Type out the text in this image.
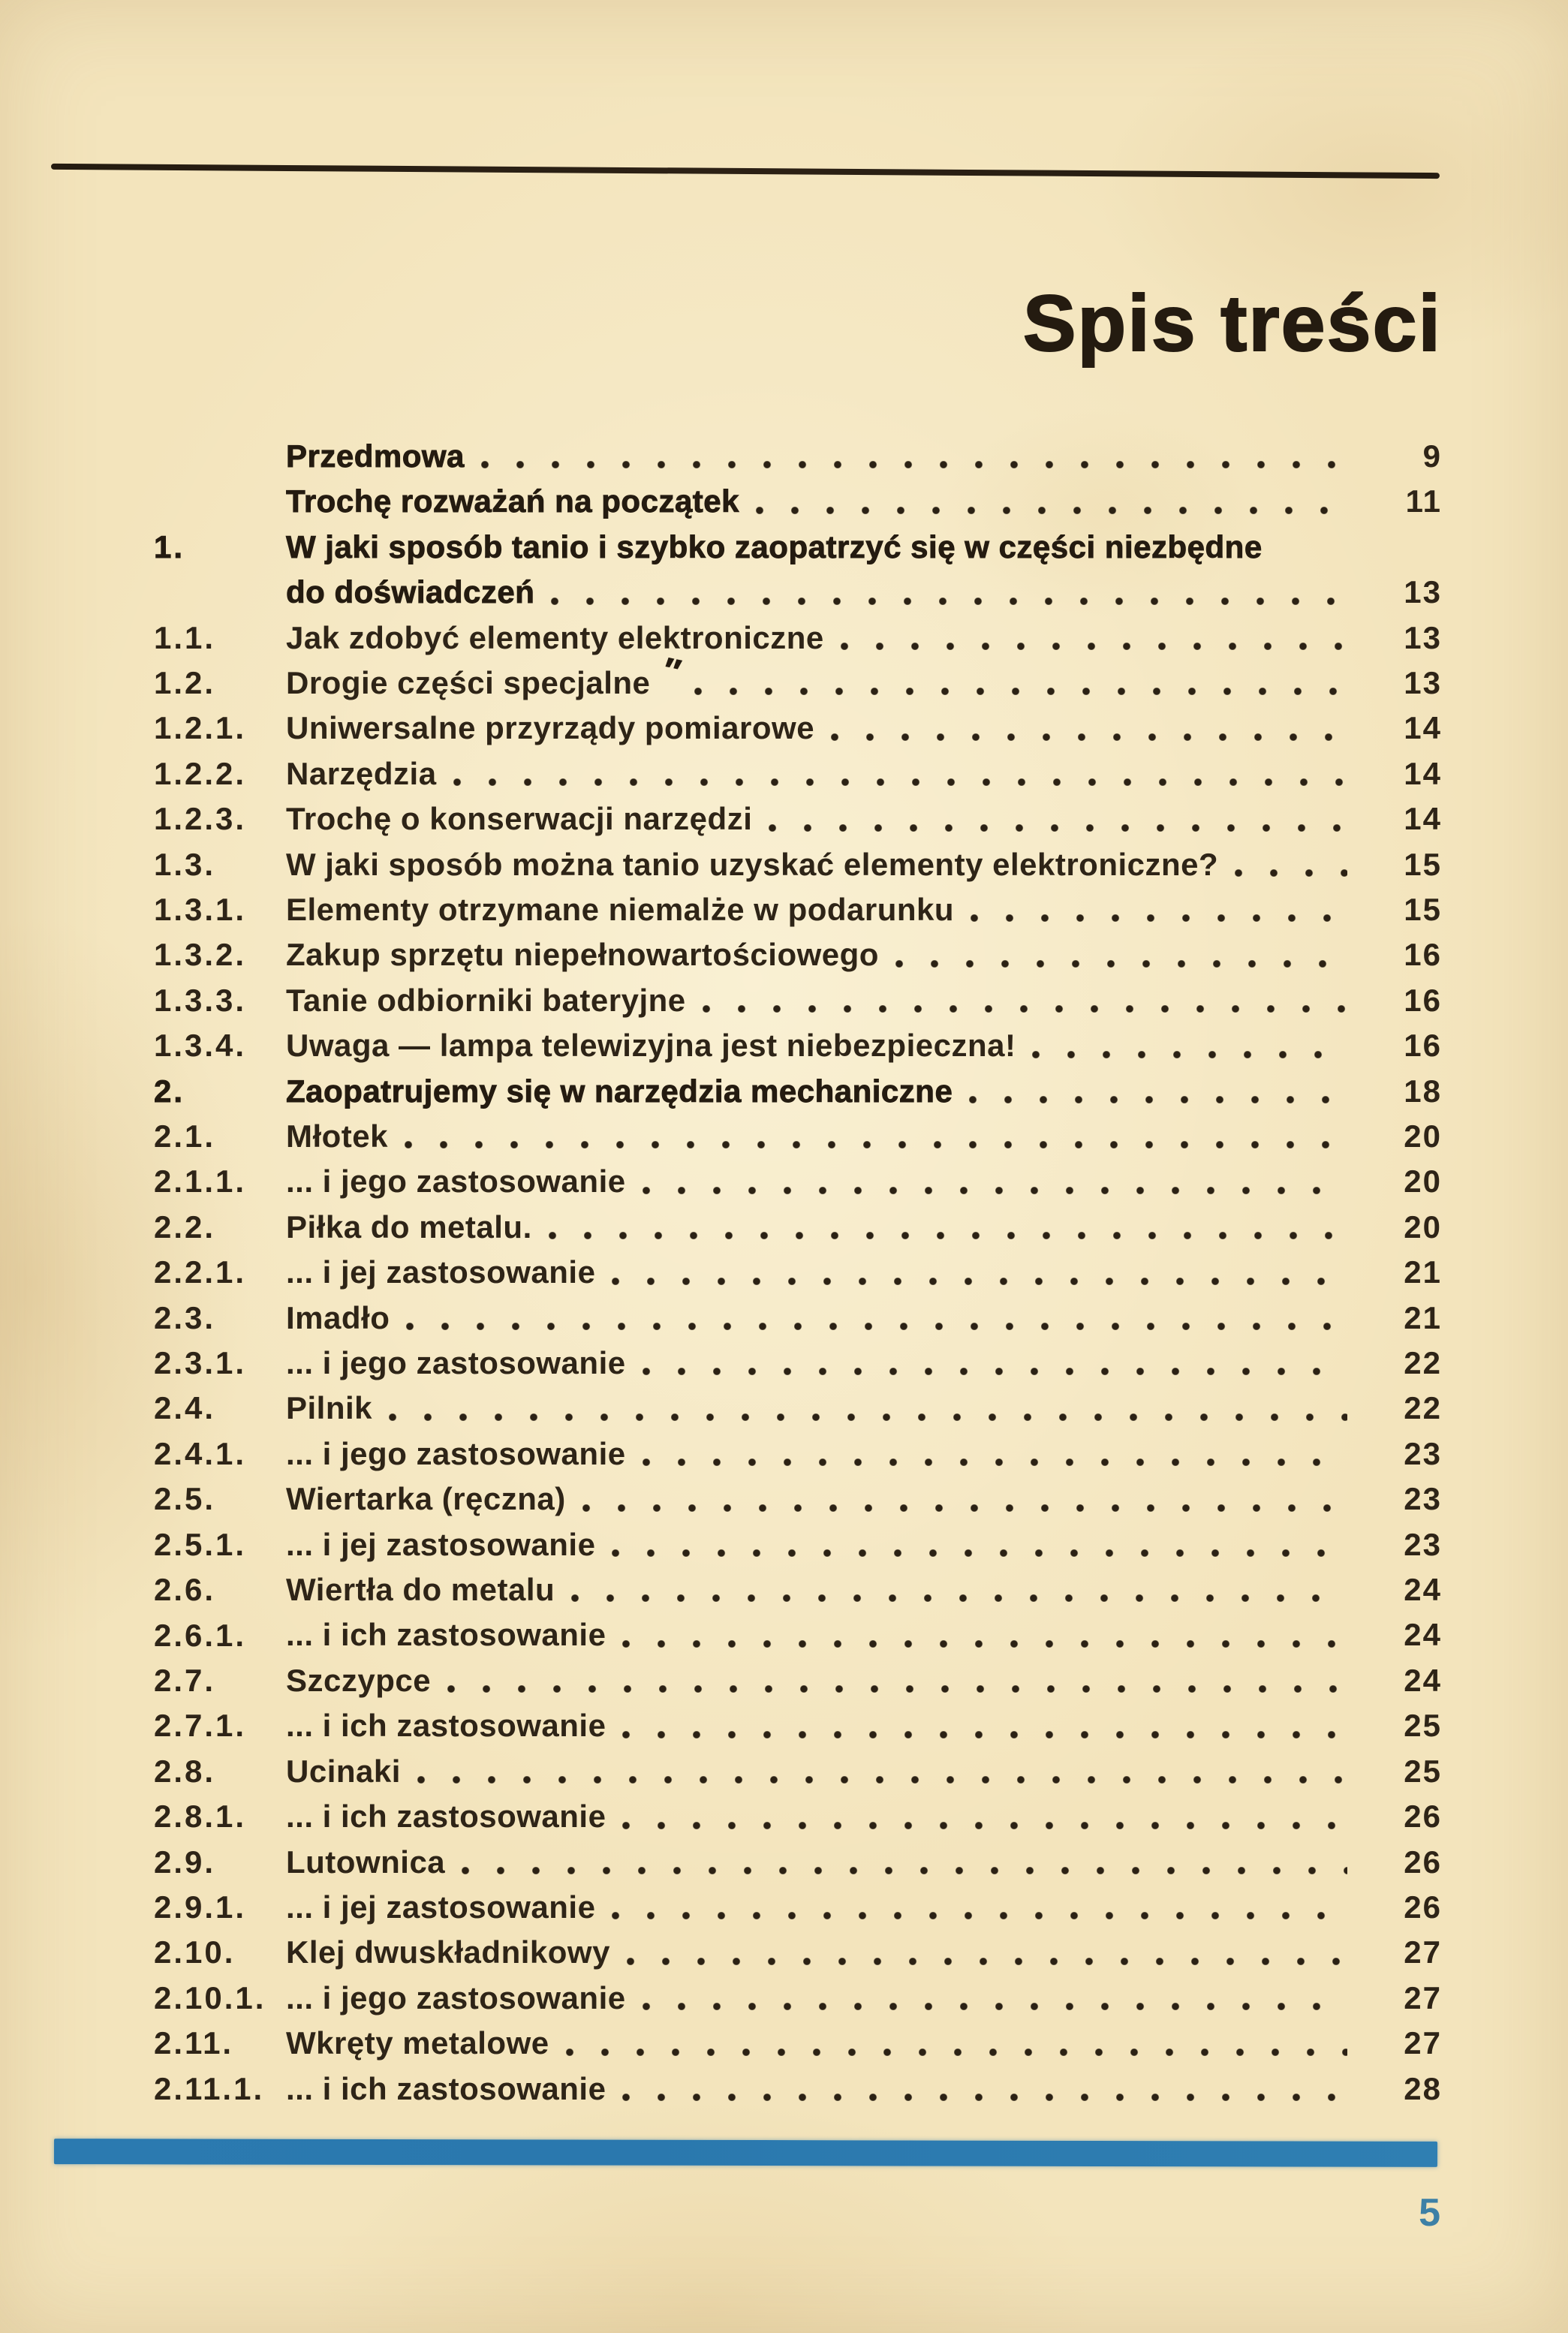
Spis treści
Przedmowa	9
Trochę rozważań na początek	11
1.	W jaki sposób tanio i szybko zaopatrzyć się w części niezbędne
do doświadczeń	13
1.1.	Jak zdobyć elementy elektroniczne	13
1.2.	Drogie części specjalne ″	13
1.2.1.	Uniwersalne przyrządy pomiarowe	14
1.2.2.	Narzędzia	14
1.2.3.	Trochę o konserwacji narzędzi	14
1.3.	W jaki sposób można tanio uzyskać elementy elektroniczne?	15
1.3.1.	Elementy otrzymane niemalże w podarunku	15
1.3.2.	Zakup sprzętu niepełnowartościowego	16
1.3.3.	Tanie odbiorniki bateryjne	16
1.3.4.	Uwaga — lampa telewizyjna jest niebezpieczna!	16
2.	Zaopatrujemy się w narzędzia mechaniczne	18
2.1.	Młotek	20
2.1.1.	... i jego zastosowanie	20
2.2.	Piłka do metalu.	20
2.2.1.	... i jej zastosowanie	21
2.3.	Imadło	21
2.3.1.	... i jego zastosowanie	22
2.4.	Pilnik	22
2.4.1.	... i jego zastosowanie	23
2.5.	Wiertarka (ręczna)	23
2.5.1.	... i jej zastosowanie	23
2.6.	Wiertła do metalu	24
2.6.1.	... i ich zastosowanie	24
2.7.	Szczypce	24
2.7.1.	... i ich zastosowanie	25
2.8.	Ucinaki	25
2.8.1.	... i ich zastosowanie	26
2.9.	Lutownica	26
2.9.1.	... i jej zastosowanie	26
2.10.	Klej dwuskładnikowy	27
2.10.1. ... i jego zastosowanie	27
2.11.	Wkręty metalowe	27
2.11.1. ... i ich zastosowanie	28
5
